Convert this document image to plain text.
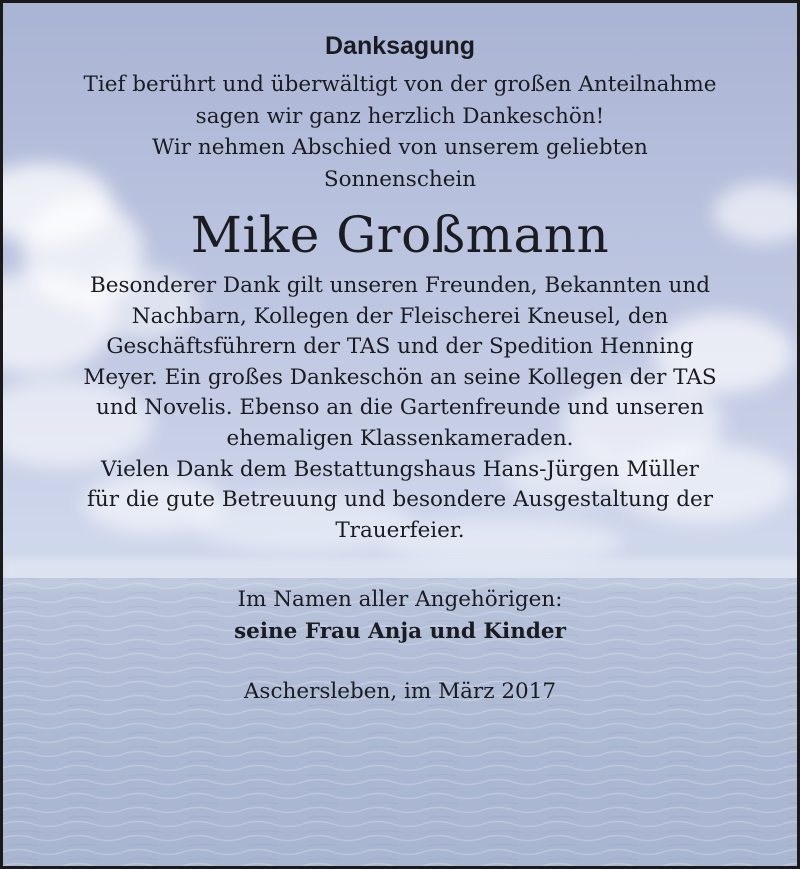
Danksagung
Tief berührt und überwältigt von der großen Anteilnahme
sagen wir ganz herzlich Dankeschön!
Wir nehmen Abschied von unserem geliebten
Sonnenschein
Mike Großmann
Besonderer Dank gilt unseren Freunden, Bekannten und
Nachbarn, Kollegen der Fleischerei Kneusel, den
Geschäftsführern der TAS und der Spedition Henning
Meyer. Ein großes Dankeschön an seine Kollegen der TAS
und Novelis. Ebenso an die Gartenfreunde und unseren
ehemaligen Klassenkameraden.
Vielen Dank dem Bestattungshaus Hans-Jürgen Müller
für die gute Betreuung und besondere Ausgestaltung der
Trauerfeier.
Im Namen aller Angehörigen:
seine Frau Anja und Kinder
Aschersleben, im März 2017
